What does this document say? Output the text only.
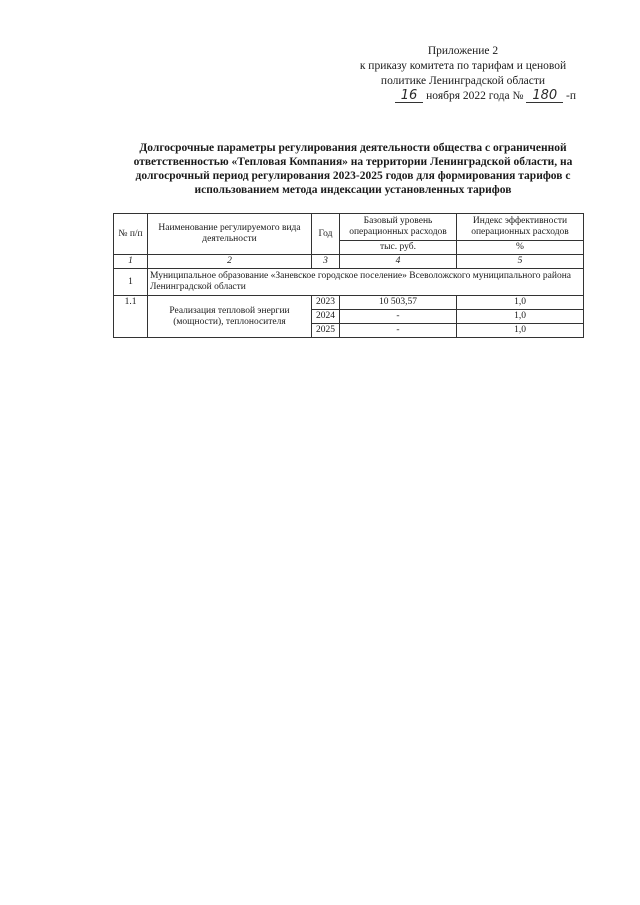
Приложение 2
к приказу комитета по тарифам и ценовой
политике Ленинградской области
16 ноября 2022 года № 180 -п
Долгосрочные параметры регулирования деятельности общества с ограниченной ответственностью «Тепловая Компания» на территории Ленинградской области, на долгосрочный период регулирования 2023-2025 годов для формирования тарифов с использованием метода индексации установленных тарифов
№ п/п	Наименование регулируемого вида деятельности	Год	Базовый уровень операционных расходов	Индекс эффективности операционных расходов
			тыс. руб.	%
1	2	3	4	5
1	Муниципальное образование «Заневское городское поселение» Всеволожского муниципального района Ленинградской области			
1.1	Реализация тепловой энергии (мощности), теплоносителя	2023	10 503,57	1,0
		2024	-	1,0
		2025	-	1,0
